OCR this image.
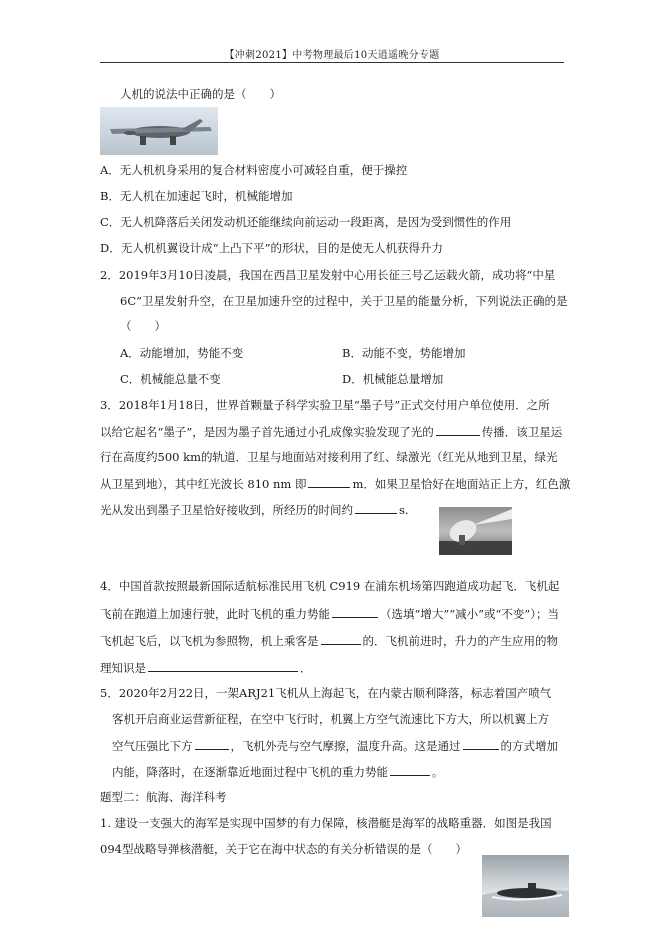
【冲刺2021】中考物理最后10天逍遥晚分专题
人机的说法中正确的是（　　）
A．无人机机身采用的复合材料密度小可减轻自重，便于操控
B．无人机在加速起飞时，机械能增加
C．无人机降落后关闭发动机还能继续向前运动一段距离，是因为受到惯性的作用
D．无人机机翼设计成“上凸下平”的形状，目的是使无人机获得升力
2．2019年3月10日凌晨，我国在西昌卫星发射中心用长征三号乙运载火箭，成功将“中星
6C”卫星发射升空，在卫星加速升空的过程中，关于卫星的能量分析，下列说法正确的是
（　　）
A．动能增加，势能不变	B．动能不变，势能增加
C．机械能总量不变	D．机械能总量增加
3．2018年1月18日，世界首颗量子科学实验卫星“墨子号”正式交付用户单位使用．之所
以给它起名“墨子”，是因为墨子首先通过小孔成像实验发现了光的	传播．该卫星运
行在高度约500 km的轨道．卫星与地面站对接利用了红、绿激光（红光从地到卫星，绿光
从卫星到地），其中红光波长 810 nm 即	m．如果卫星恰好在地面站正上方，红色激
光从发出到墨子卫星恰好接收到，所经历的时间约	s.
4．中国首款按照最新国际适航标准民用飞机 C919 在浦东机场第四跑道成功起飞．飞机起
飞前在跑道上加速行驶，此时飞机的重力势能	（选填“增大”“减小”或“不变”）；当
飞机起飞后，以飞机为参照物，机上乘客是	的．飞机前进时，升力的产生应用的物
理知识是	．
5．2020年2月22日，一架ARJ21飞机从上海起飞，在内蒙古顺利降落，标志着国产喷气
客机开启商业运营新征程，在空中飞行时，机翼上方空气流速比下方大，所以机翼上方
空气压强比下方	，飞机外壳与空气摩擦，温度升高。这是通过	的方式增加
内能，降落时，在逐渐靠近地面过程中飞机的重力势能	。
题型二：航海、海洋科考
1. 建设一支强大的海军是实现中国梦的有力保障，核潜艇是海军的战略重器．如图是我国
094型战略导弹核潜艇，关于它在海中状态的有关分析错误的是（　　）
